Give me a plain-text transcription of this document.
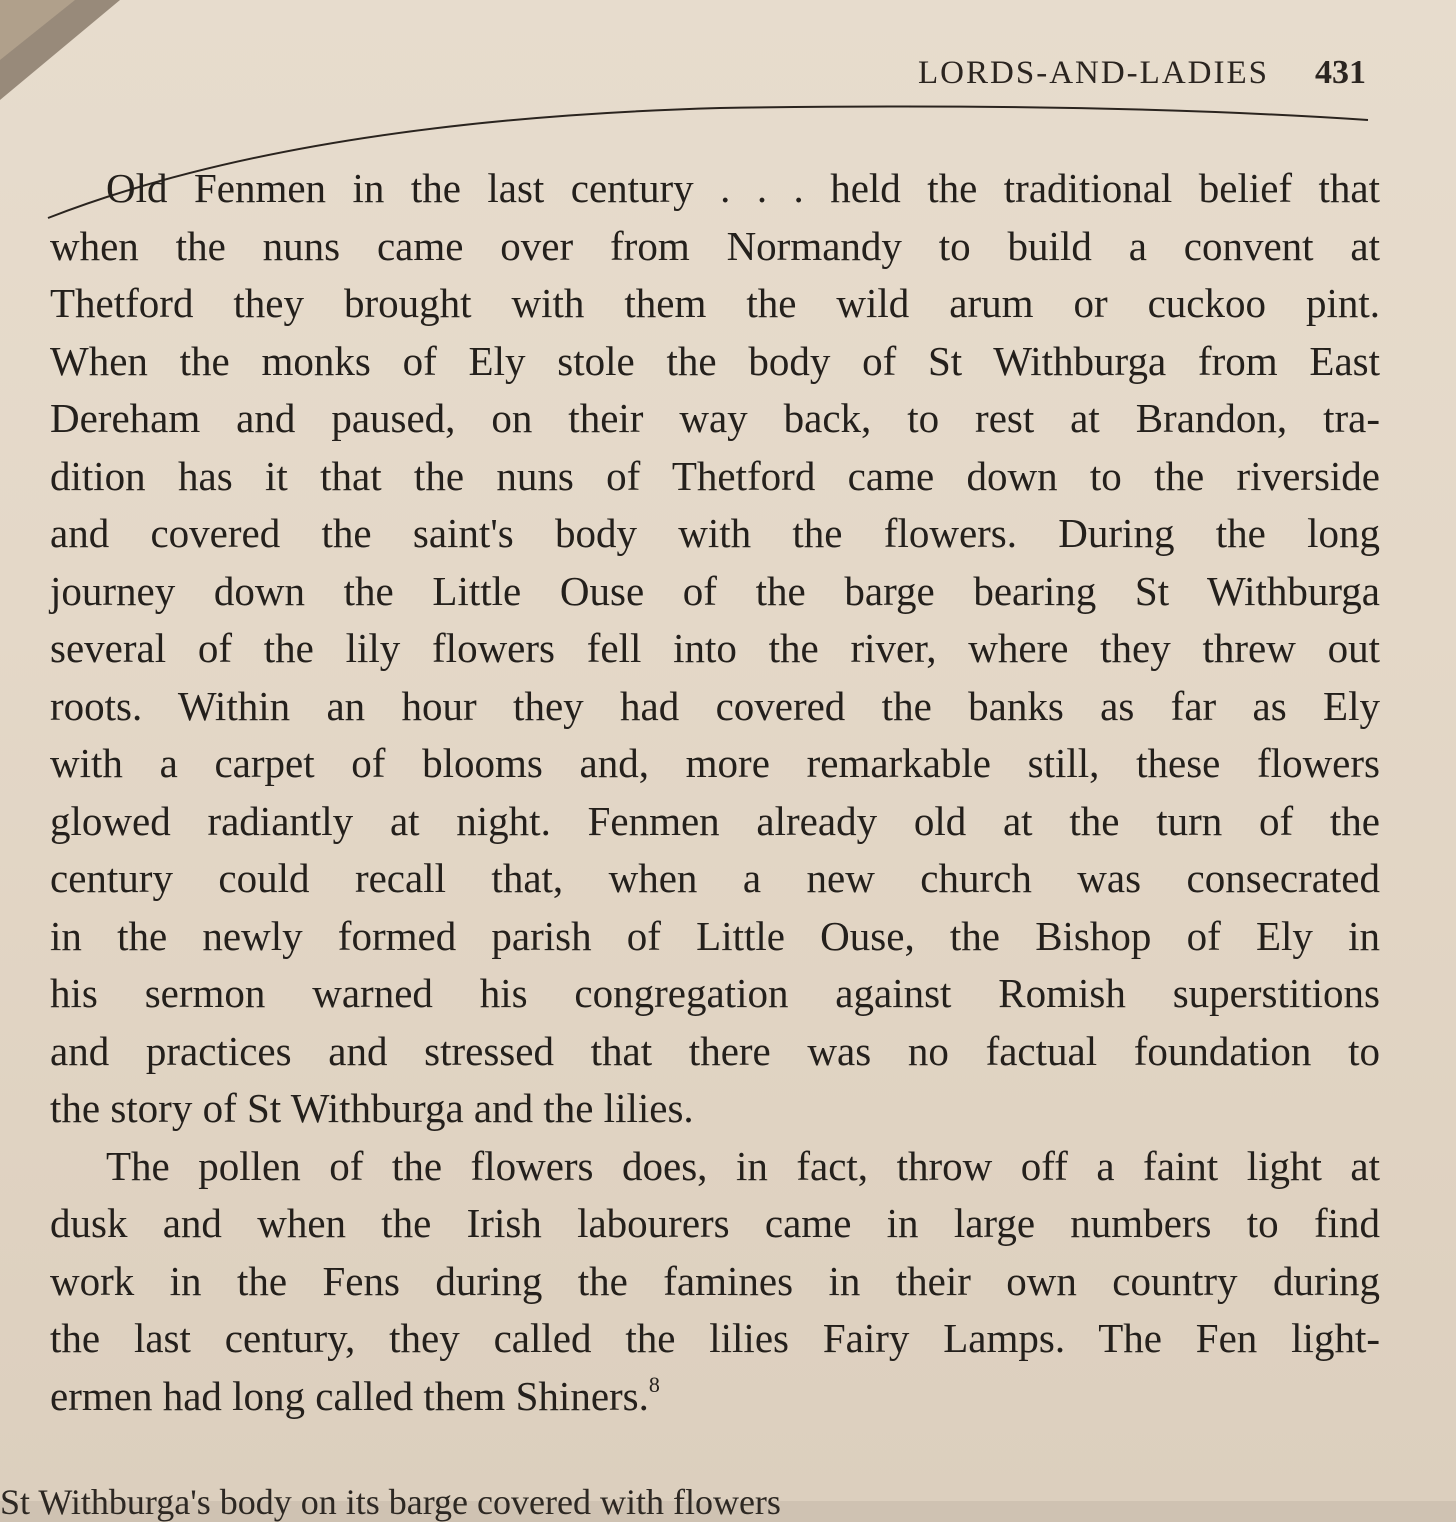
LORDS-AND-LADIES 431
Old Fenmen in the last century . . . held the traditional belief that
when the nuns came over from Normandy to build a convent at
Thetford they brought with them the wild arum or cuckoo pint.
When the monks of Ely stole the body of St Withburga from East
Dereham and paused, on their way back, to rest at Brandon, tra-
dition has it that the nuns of Thetford came down to the riverside
and covered the saint's body with the flowers. During the long
journey down the Little Ouse of the barge bearing St Withburga
several of the lily flowers fell into the river, where they threw out
roots. Within an hour they had covered the banks as far as Ely
with a carpet of blooms and, more remarkable still, these flowers
glowed radiantly at night. Fenmen already old at the turn of the
century could recall that, when a new church was consecrated
in the newly formed parish of Little Ouse, the Bishop of Ely in
his sermon warned his congregation against Romish superstitions
and practices and stressed that there was no factual foundation to
the story of St Withburga and the lilies.
The pollen of the flowers does, in fact, throw off a faint light at
dusk and when the Irish labourers came in large numbers to find
work in the Fens during the famines in their own country during
the last century, they called the lilies Fairy Lamps. The Fen light-
ermen had long called them Shiners.$^8$
St Withburga's body on its barge covered with flowers
